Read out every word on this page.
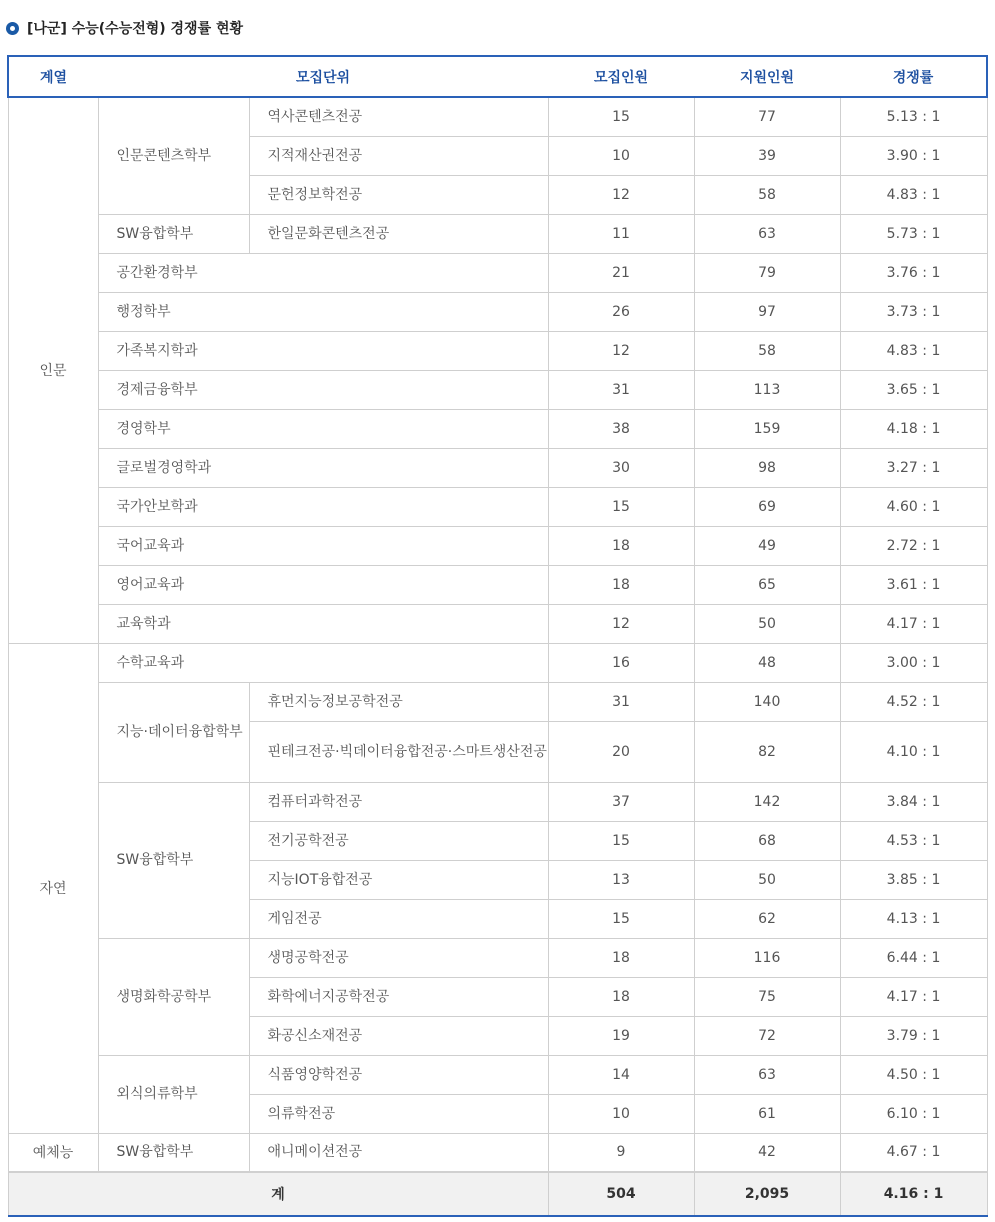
[나군] 수능(수능전형) 경쟁률 현황
계열	모집단위		모집인원	지원인원	경쟁률
인문	인문콘텐츠학부	역사콘텐츠전공	15	77	5.13 : 1
		지적재산권전공	10	39	3.90 : 1
		문헌정보학전공	12	58	4.83 : 1
	SW융합학부	한일문화콘텐츠전공	11	63	5.73 : 1
	공간환경학부		21	79	3.76 : 1
	행정학부		26	97	3.73 : 1
	가족복지학과		12	58	4.83 : 1
	경제금융학부		31	113	3.65 : 1
	경영학부		38	159	4.18 : 1
	글로벌경영학과		30	98	3.27 : 1
	국가안보학과		15	69	4.60 : 1
	국어교육과		18	49	2.72 : 1
	영어교육과		18	65	3.61 : 1
	교육학과		12	50	4.17 : 1
자연	수학교육과		16	48	3.00 : 1
	지능·데이터융합학부	휴먼지능정보공학전공	31	140	4.52 : 1
		핀테크전공·빅데이터융합전공·스마트생산전공	20	82	4.10 : 1
	SW융합학부	컴퓨터과학전공	37	142	3.84 : 1
		전기공학전공	15	68	4.53 : 1
		지능IOT융합전공	13	50	3.85 : 1
		게임전공	15	62	4.13 : 1
	생명화학공학부	생명공학전공	18	116	6.44 : 1
		화학에너지공학전공	18	75	4.17 : 1
		화공신소재전공	19	72	3.79 : 1
	외식의류학부	식품영양학전공	14	63	4.50 : 1
		의류학전공	10	61	6.10 : 1
예체능	SW융합학부	애니메이션전공	9	42	4.67 : 1
계			504	2,095	4.16 : 1
